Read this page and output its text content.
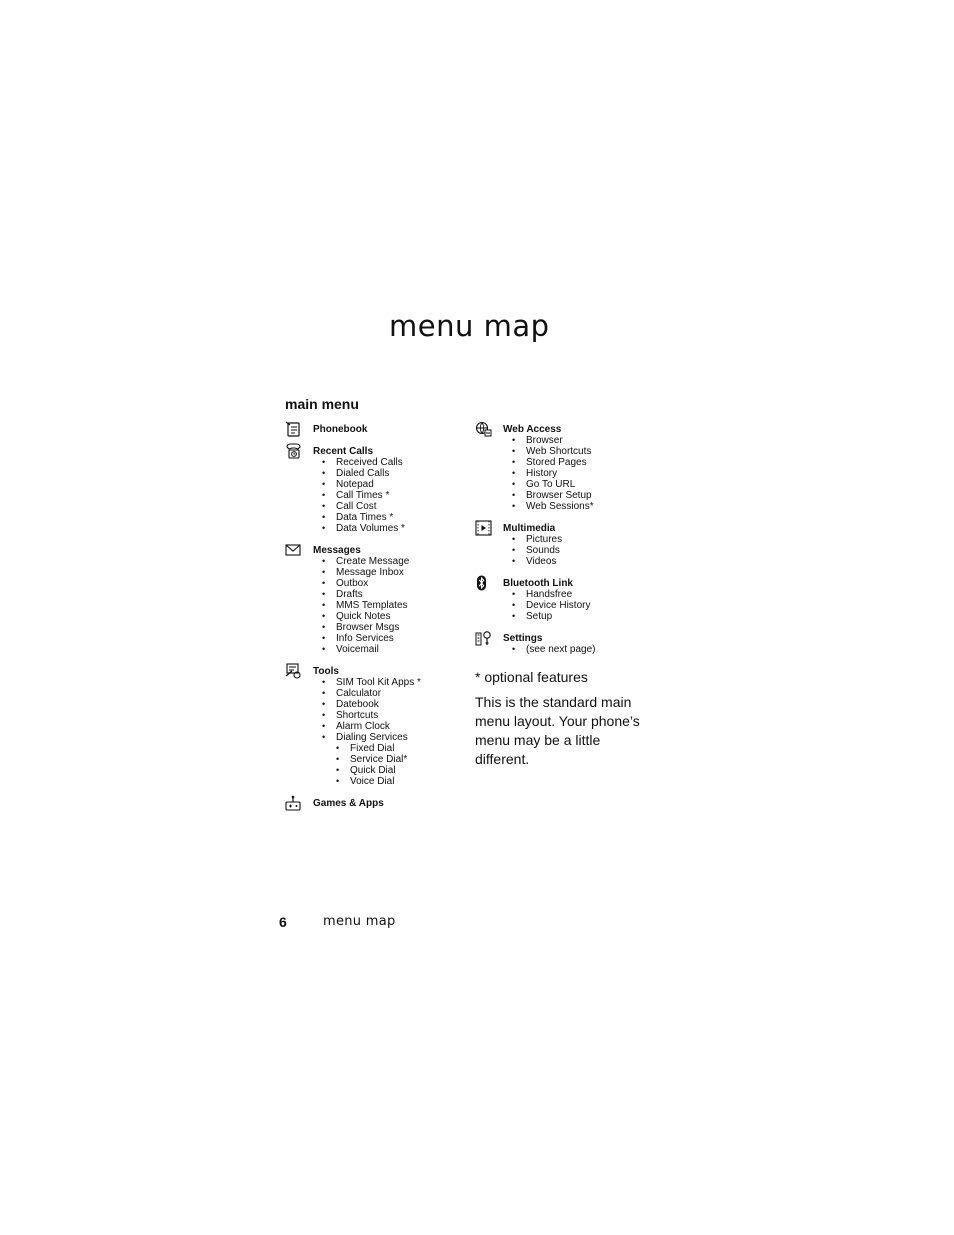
menu map
main menu
Phonebook
Recent Calls
• Received Calls
• Dialed Calls
• Notepad
• Call Times *
• Call Cost
• Data Times *
• Data Volumes *
Messages
• Create Message
• Message Inbox
• Outbox
• Drafts
• MMS Templates
• Quick Notes
• Browser Msgs
• Info Services
• Voicemail
Tools
• SIM Tool Kit Apps *
• Calculator
• Datebook
• Shortcuts
• Alarm Clock
• Dialing Services
• Fixed Dial
• Service Dial*
• Quick Dial
• Voice Dial
Games & Apps
Web Access
• Browser
• Web Shortcuts
• Stored Pages
• History
• Go To URL
• Browser Setup
• Web Sessions*
Multimedia
• Pictures
• Sounds
• Videos
Bluetooth Link
• Handsfree
• Device History
• Setup
Settings
• (see next page)

* optional features

This is the standard main menu layout. Your phone’s menu may be a little different.

6	menu map
